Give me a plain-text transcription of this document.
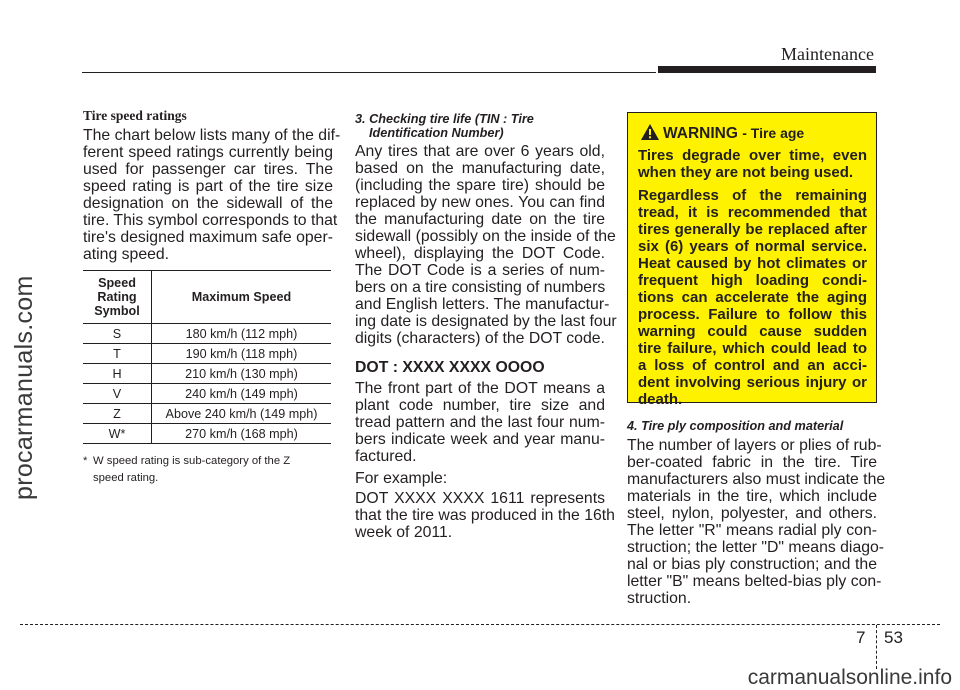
Maintenance
procarmanuals.com
Tire speed ratings
The chart below lists many of the dif-
ferent speed ratings currently being
used for passenger car tires. The
speed rating is part of the tire size
designation on the sidewall of the
tire. This symbol corresponds to that
tire's designed maximum safe oper-
ating speed.
Speed
Rating
Symbol	Maximum Speed
S	180 km/h (112 mph)
T	190 km/h (118 mph)
H	210 km/h (130 mph)
V	240 km/h (149 mph)
Z	Above 240 km/h (149 mph)
W*	270 km/h (168 mph)
* W speed rating is sub-category of the Z
speed rating.
3. Checking tire life (TIN : Tire
Identification Number)
Any tires that are over 6 years old,
based on the manufacturing date,
(including the spare tire) should be
replaced by new ones. You can find
the manufacturing date on the tire
sidewall (possibly on the inside of the
wheel), displaying the DOT Code.
The DOT Code is a series of num-
bers on a tire consisting of numbers
and English letters. The manufactur-
ing date is designated by the last four
digits (characters) of the DOT code.
DOT : XXXX XXXX OOOO
The front part of the DOT means a
plant code number, tire size and
tread pattern and the last four num-
bers indicate week and year manu-
factured.
For example:
DOT XXXX XXXX 1611 represents
that the tire was produced in the 16th
week of 2011.
WARNING - Tire age
Tires degrade over time, even
when they are not being used.
Regardless of the remaining
tread, it is recommended that
tires generally be replaced after
six (6) years of normal service.
Heat caused by hot climates or
frequent high loading condi-
tions can accelerate the aging
process. Failure to follow this
warning could cause sudden
tire failure, which could lead to
a loss of control and an acci-
dent involving serious injury or
death.
4. Tire ply composition and material
The number of layers or plies of rub-
ber-coated fabric in the tire. Tire
manufacturers also must indicate the
materials in the tire, which include
steel, nylon, polyester, and others.
The letter "R" means radial ply con-
struction; the letter "D" means diago-
nal or bias ply construction; and the
letter "B" means belted-bias ply con-
struction.
7 53
carmanualsonline.info
